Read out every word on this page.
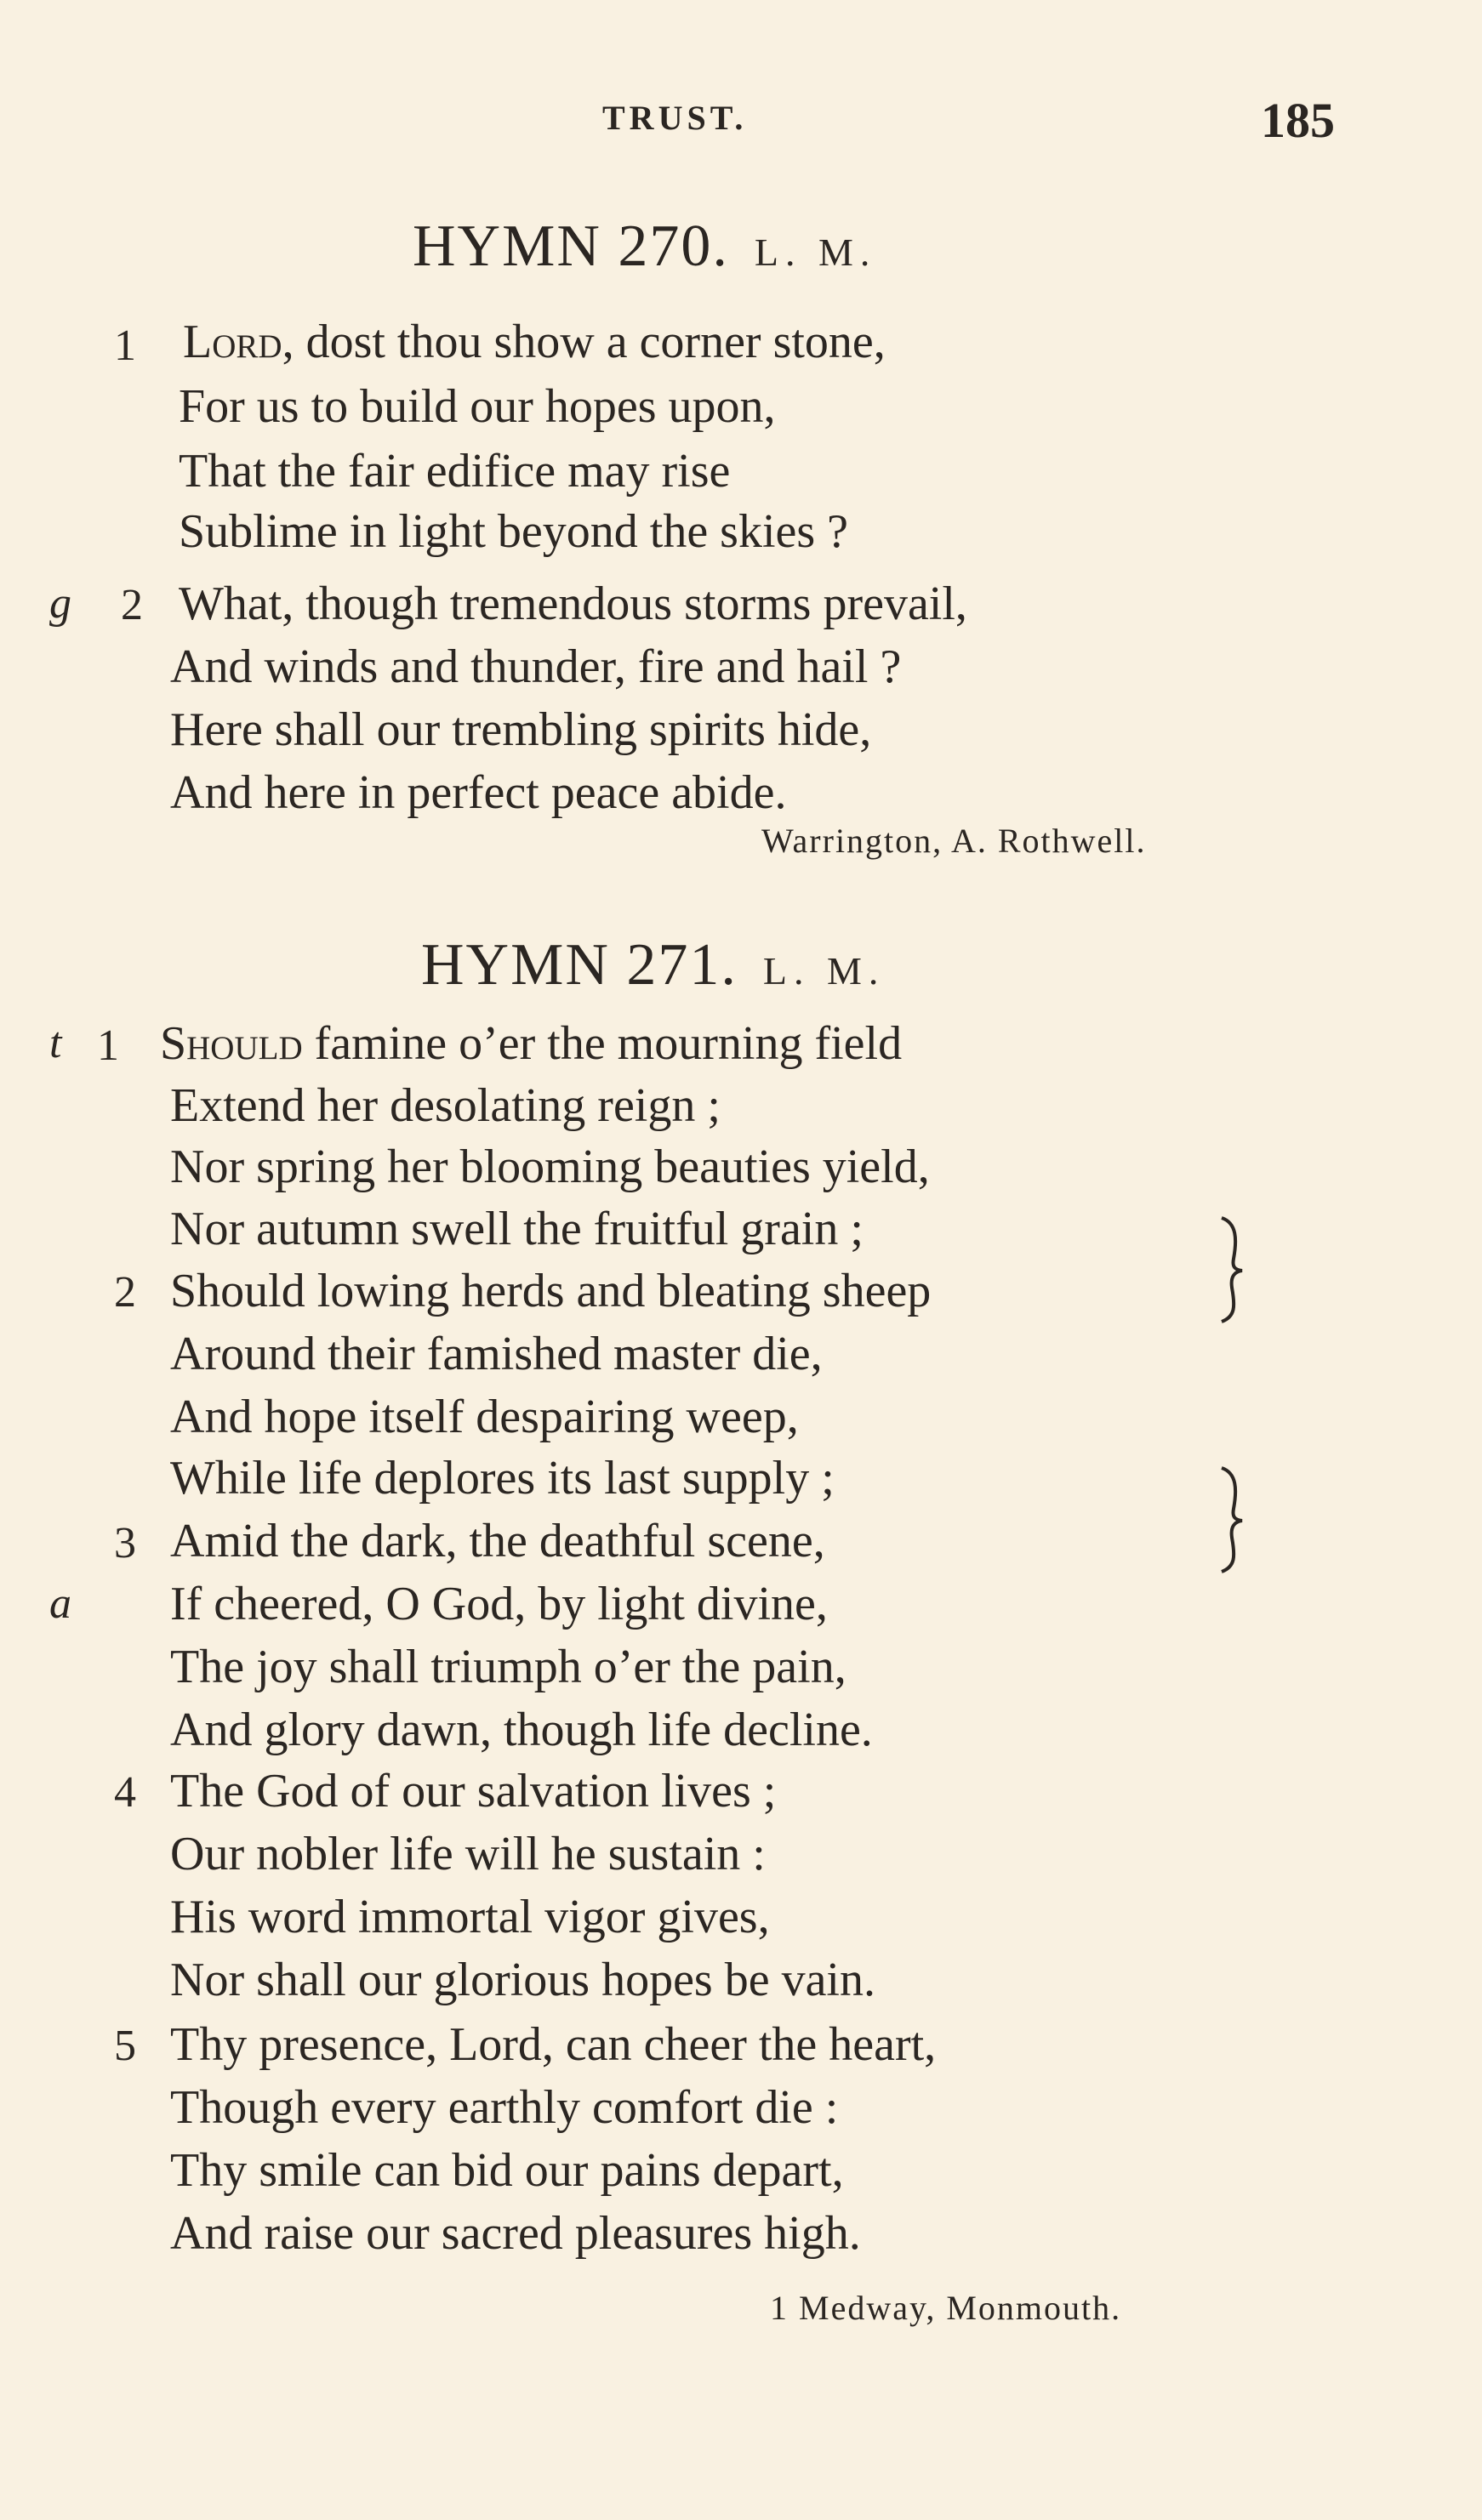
TRUST.	185
HYMN 270. L. M.
1 Lord, dost thou show a corner stone,
For us to build our hopes upon,
That the fair edifice may rise
Sublime in light beyond the skies ?
g	2 What, though tremendous storms prevail,
And winds and thunder, fire and hail ?
Here shall our trembling spirits hide,
And here in perfect peace abide.
Warrington, A. Rothwell.
HYMN 271. L. M.
t 1 Should famine o’er the mourning field
Extend her desolating reign ;
Nor spring her blooming beauties yield,
Nor autumn swell the fruitful grain ;
2 Should lowing herds and bleating sheep
Around their famished master die,
And hope itself despairing weep,
While life deplores its last supply ;
3 Amid the dark, the deathful scene,
a If cheered, O God, by light divine,
The joy shall triumph o’er the pain,
And glory dawn, though life decline.
4 The God of our salvation lives ;
Our nobler life will he sustain :
His word immortal vigor gives,
Nor shall our glorious hopes be vain.
5 Thy presence, Lord, can cheer the heart,
Though every earthly comfort die :
Thy smile can bid our pains depart,
And raise our sacred pleasures high.
1 Medway, Monmouth.
